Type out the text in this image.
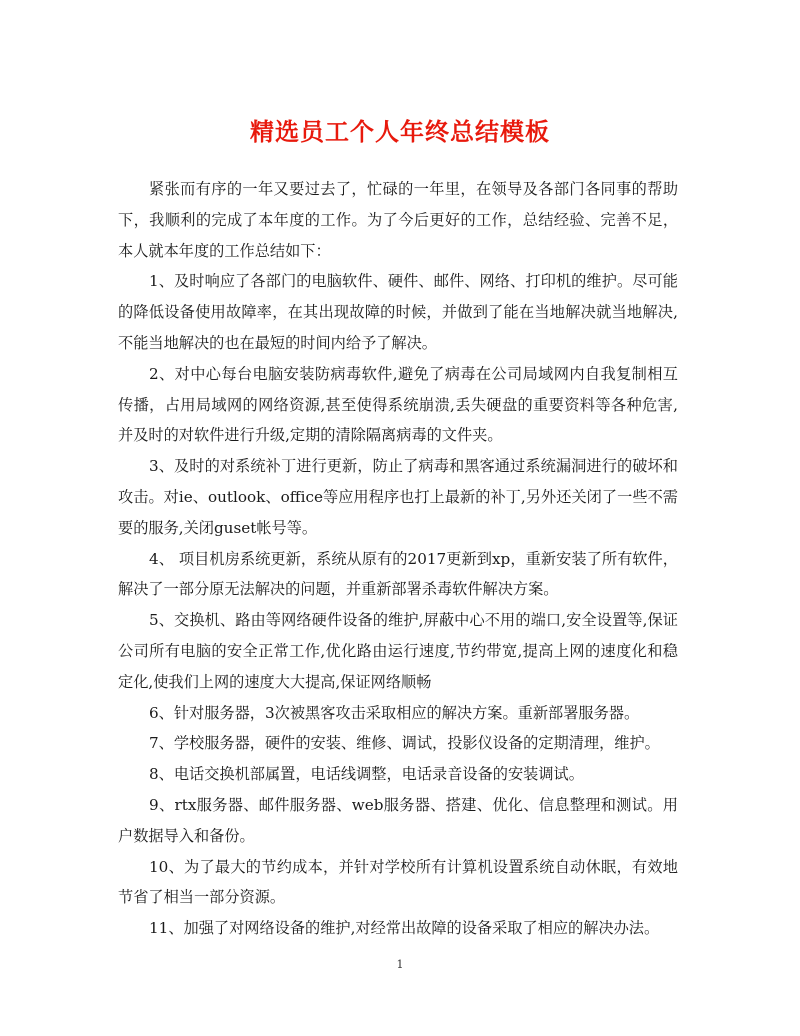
精选员工个人年终总结模板

紧张而有序的一年又要过去了，忙碌的一年里，在领导及各部门各同事的帮助下，我顺利的完成了本年度的工作。为了今后更好的工作，总结经验、完善不足，本人就本年度的工作总结如下：

1、及时响应了各部门的电脑软件、硬件、邮件、网络、打印机的维护。尽可能的降低设备使用故障率，在其出现故障的时候，并做到了能在当地解决就当地解决,不能当地解决的也在最短的时间内给予了解决。

2、对中心每台电脑安装防病毒软件,避免了病毒在公司局域网内自我复制相互传播，占用局域网的网络资源,甚至使得系统崩溃,丢失硬盘的重要资料等各种危害,并及时的对软件进行升级,定期的清除隔离病毒的文件夹。

3、及时的对系统补丁进行更新，防止了病毒和黑客通过系统漏洞进行的破坏和攻击。对ie、outlook、office等应用程序也打上最新的补丁,另外还关闭了一些不需要的服务,关闭guset帐号等。

4、 项目机房系统更新，系统从原有的2017更新到xp，重新安装了所有软件，解决了一部分原无法解决的问题，并重新部署杀毒软件解决方案。

5、交换机、路由等网络硬件设备的维护,屏蔽中心不用的端口,安全设置等,保证公司所有电脑的安全正常工作,优化路由运行速度,节约带宽,提高上网的速度化和稳定化,使我们上网的速度大大提高,保证网络顺畅

6、针对服务器，3次被黑客攻击采取相应的解决方案。重新部署服务器。

7、学校服务器，硬件的安装、维修、调试，投影仪设备的定期清理，维护。

8、电话交换机部属置，电话线调整，电话录音设备的安装调试。

9、rtx服务器、邮件服务器、web服务器、搭建、优化、信息整理和测试。用户数据导入和备份。

10、为了最大的节约成本，并针对学校所有计算机设置系统自动休眠，有效地节省了相当一部分资源。

11、加强了对网络设备的维护,对经常出故障的设备采取了相应的解决办法。

1
